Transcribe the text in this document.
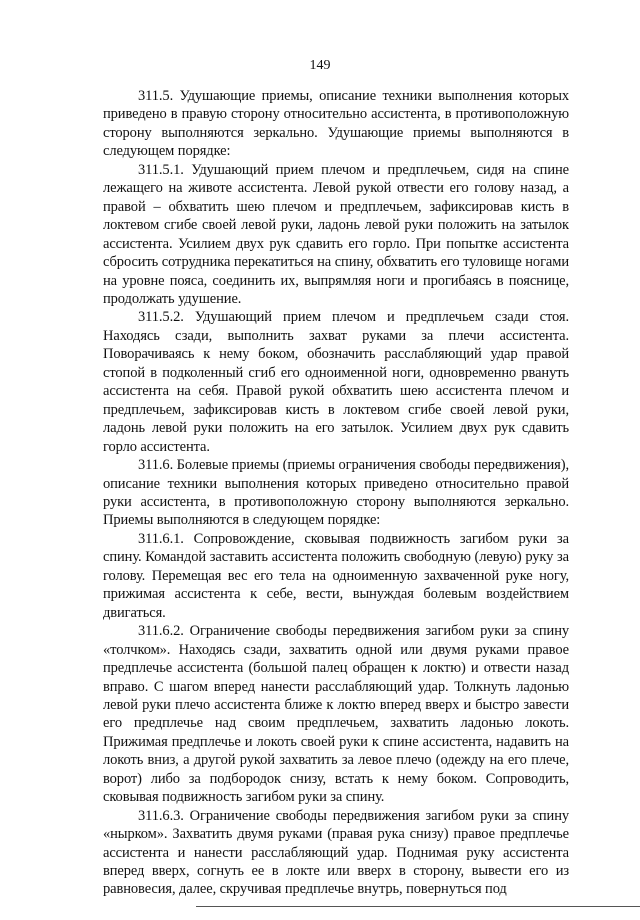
149

311.5. Удушающие приемы, описание техники выполнения которых приведено в правую сторону относительно ассистента, в противоположную сторону выполняются зеркально. Удушающие приемы выполняются в следующем порядке:

311.5.1. Удушающий прием плечом и предплечьем, сидя на спине лежащего на животе ассистента. Левой рукой отвести его голову назад, а правой – обхватить шею плечом и предплечьем, зафиксировав кисть в локтевом сгибе своей левой руки, ладонь левой руки положить на затылок ассистента. Усилием двух рук сдавить его горло. При попытке ассистента сбросить сотрудника перекатиться на спину, обхватить его туловище ногами на уровне пояса, соединить их, выпрямляя ноги и прогибаясь в пояснице, продолжать удушение.

311.5.2. Удушающий прием плечом и предплечьем сзади стоя. Находясь сзади, выполнить захват руками за плечи ассистента. Поворачиваясь к нему боком, обозначить расслабляющий удар правой стопой в подколенный сгиб его одноименной ноги, одновременно рвануть ассистента на себя. Правой рукой обхватить шею ассистента плечом и предплечьем, зафиксировав кисть в локтевом сгибе своей левой руки, ладонь левой руки положить на его затылок. Усилием двух рук сдавить горло ассистента.

311.6. Болевые приемы (приемы ограничения свободы передвижения), описание техники выполнения которых приведено относительно правой руки ассистента, в противоположную сторону выполняются зеркально. Приемы выполняются в следующем порядке:

311.6.1. Сопровождение, сковывая подвижность загибом руки за спину. Командой заставить ассистента положить свободную (левую) руку за голову. Перемещая вес его тела на одноименную захваченной руке ногу, прижимая ассистента к себе, вести, вынуждая болевым воздействием двигаться.

311.6.2. Ограничение свободы передвижения загибом руки за спину «толчком». Находясь сзади, захватить одной или двумя руками правое предплечье ассистента (большой палец обращен к локтю) и отвести назад вправо. С шагом вперед нанести расслабляющий удар. Толкнуть ладонью левой руки плечо ассистента ближе к локтю вперед вверх и быстро завести его предплечье над своим предплечьем, захватить ладонью локоть. Прижимая предплечье и локоть своей руки к спине ассистента, надавить на локоть вниз, а другой рукой захватить за левое плечо (одежду на его плече, ворот) либо за подбородок снизу, встать к нему боком. Сопроводить, сковывая подвижность загибом руки за спину.

311.6.3. Ограничение свободы передвижения загибом руки за спину «нырком». Захватить двумя руками (правая рука снизу) правое предплечье ассистента и нанести расслабляющий удар. Поднимая руку ассистента вперед вверх, согнуть ее в локте или вверх в сторону, вывести его из равновесия, далее, скручивая предплечье внутрь, повернуться под
